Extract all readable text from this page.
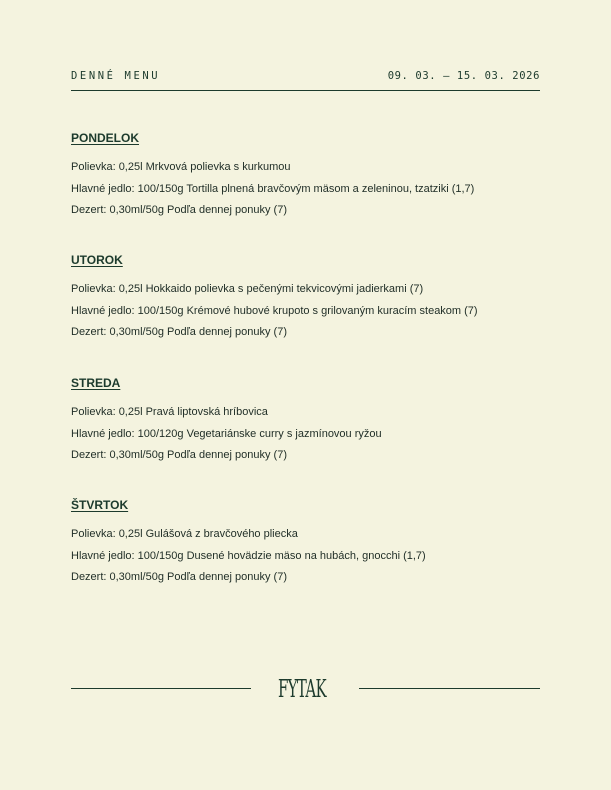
DENNÉ MENU	09. 03. – 15. 03. 2026
PONDELOK
Polievka: 0,25l Mrkvová polievka s kurkumou
Hlavné jedlo: 100/150g Tortilla plnená bravčovým mäsom a zeleninou, tzatziki (1,7)
Dezert: 0,30ml/50g Podľa dennej ponuky (7)
UTOROK
Polievka: 0,25l Hokkaido polievka s pečenými tekvicovými jadierkami (7)
Hlavné jedlo: 100/150g Krémové hubové krupoto s grilovaným kuracím steakom (7)
Dezert: 0,30ml/50g Podľa dennej ponuky (7)
STREDA
Polievka: 0,25l Pravá liptovská hríbovica
Hlavné jedlo: 100/120g Vegetariánske curry s jazmínovou ryžou
Dezert: 0,30ml/50g Podľa dennej ponuky (7)
ŠTVRTOK
Polievka: 0,25l Gulášová z bravčového pliecka
Hlavné jedlo: 100/150g Dusené hovädzie mäso na hubách, gnocchi (1,7)
Dezert: 0,30ml/50g Podľa dennej ponuky (7)
FYTAK
